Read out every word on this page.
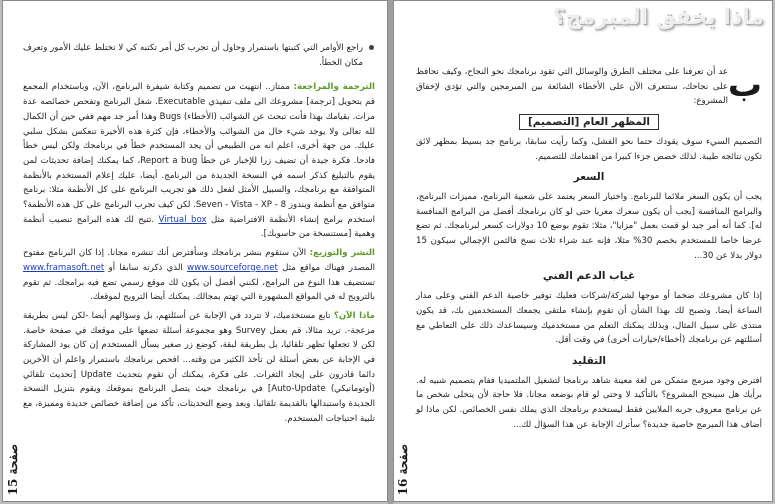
صفحة 15
راجع الأوامر التي كتبتها باستمرار وحاول أن تجرب كل أمر تكتبه كي لا تختلط عليك الأمور وتعرف مكان الخطأ.

الترجمة والمراجعة: ممتاز.. انتهيت من تصميم وكتابة شيفرة البرنامج، الآن, وباستخدام المجمع قم بتحويل [ترجمة] مشروعك الى ملف تنفيذي Executable. شغل البرنامج وتفحص خصائصه عدة مرات. بقيامك بهذا فأنت تبحث عن الشوائب (الأخطاء) Bugs وهذا أمر جد مهم ففي حين أن الكمال لله تعالى ولا يوجد شيء خال من الشوائب والأخطاء، فإن كثرة هذه الأخيرة تنعكس بشكل سلبي عليك. من جهة أخرى، اعلم انه من الطبيعي أن يجد المستخدم خطأ في برنامجك ولكن ليس خطأ فادحا. فكرة جيدة أن تضيف زرا للإخبار عن خطأ Report a bug، كما يمكنك إضافة تحديثات لمن يقوم بالتبليغ كذكر اسمه في النسخة الجديدة من البرنامج. أيضا، عليك إعلام المستخدم بالأنظمة المتوافقة مع برنامجك، والسبيل الأمثل لفعل ذلك هو تجريب البرنامج على كل الأنظمة مثلا: برنامج متوافق مع أنظمة ويندوز 8 - Seven - Vista - XP. لكن كيف تجرب البرنامج على كل هذه الأنظمة؟ استخدم برامج إنشاء الأنظمة الافتراضية مثل Virtual box .تتيح لك هذه البرامج تنصيب أنظمة وهمية [مستنسخة من حاسوبك].

النشر والتوزيع: الآن ستقوم بنشر برنامجك وسأفترض أنك تنشره مجانا. إذا كان البرنامج مفتوح المصدر فهناك مواقع مثل www.sourceforge.net الذي ذكرته سابقا أو www.framasoft.net تستضيف هذا النوع من البرامج، لكنني أفضل أن يكون لك موقع رسمي تضع فيه برامجك. ثم تقوم بالترويج له في المواقع المشهورة التي تهتم بمجالك. يمكنك أيضا الترويج لموقعك.

ماذا الآن؟ تابع مستخدميك، لا تتردد في الإجابة عن أسئلتهم، بل وسؤالهم أيضا -لكن ليس بطريقة مزعجة-. تريد مثالا، قم بعمل Survey وهو مجموعة أسئلة تضعها على موقعك في صفحة خاصة. لكن لا تجعلها تظهر تلقائيا، بل بطريقة لبقة، كوضع زر صغير يسأل المستخدم إن كان يود المشاركة في الإجابة عن بعض أسئلة لن تأخذ الكثير من وقته... افحص برنامجك باستمرار واعلم أن الآخرين دائما قادرون على إيجاد الثغرات. على فكرة، يمكنك أن تقوم بتحديث Update [تحديث تلقائي (أوتوماتيكي) Auto-Update] في برنامجك حيث يتصل البرنامج بموقعك ويقوم بتنزيل النسخة الجديدة واستبدالها بالقديمة تلقائيا. وبعد وضع التحديثات، تأكد من إضافة خصائص جديدة ومميزة، مع تلبية احتياجات المستخدم.

ماذا يخفق المبرمج؟
ب
صفحة 16

عد أن تعرفنا على مختلف الطرق والوسائل التي تقود برنامجك نحو النجاح، وكيف تحافظ على نجاحك، ستتعرف الآن على الأخطاء الشائعة بين المبرمجين والتي تؤدي لإخفاق المشروع:

المظهر العام [التصميم]

التصميم السيء سوف يقودك حتما نحو الفشل، وكما رأيت سابقا، برنامج جد بسيط بمظهر لائق تكون نتائجه طيبة. لذلك خصص جزءا كبيرا من اهتمامك للتصميم.

السعر

يجب أن يكون السعر ملائما للبرنامج. واختيار السعر يعتمد على شعبية البرنامج، مميزات البرنامج، والبرامج المنافسة [يجب أن يكون سعرك مغريا حتى لو كان برنامجك أفضل من البرامج المنافسة له]. كما أنه أمر جيد لو قمت بعمل "مزايا"، مثلا: تقوم بوضع 10 دولارات كسعر لبرنامجك. ثم تضع عرضا خاصا للمستخدم بخصم 30% مثلا، فإنه عند شراء ثلاث نسخ فالثمن الإجمالي سيكون 15 دولار بدلا عن 30...

غياب الدعم الفني

إذا كان مشروعك ضخما أو موجها لشركة/شركات فعليك توفير خاصية الدعم الفني وعلى مدار الساعة أيضا. وتصبح لك بهذا الشأن أن تقوم بإنشاء ملتقى يجمعك المستخدمين بك، قد يكون منتدى على سبيل المثال، وبذلك يمكنك التعلم من مستخدميك وسيساعدك ذلك على التعاطي مع أسئلتهم عن برنامجك (أخطاء/خيارات أخرى) في وقت أقل.

التقليد

افترض وجود مبرمج متمكن من لغة معينة شاهد برنامجا لتشغيل الملتميديا فقام بتصميم شبيه له. برأيك هل سينجح المشروع؟ بالتأكيد لا وحتى لو قام بوضعه مجانا. فلا حاجة لأن يتخلى شخص ما عن برنامج معروف جربه الملايين فقط ليستخدم برنامجك الذي يملك نفس الخصائص. لكن ماذا لو أضاف هذا المبرمج خاصية جديدة؟ سأترك الإجابة عن هذا السؤال لك...
